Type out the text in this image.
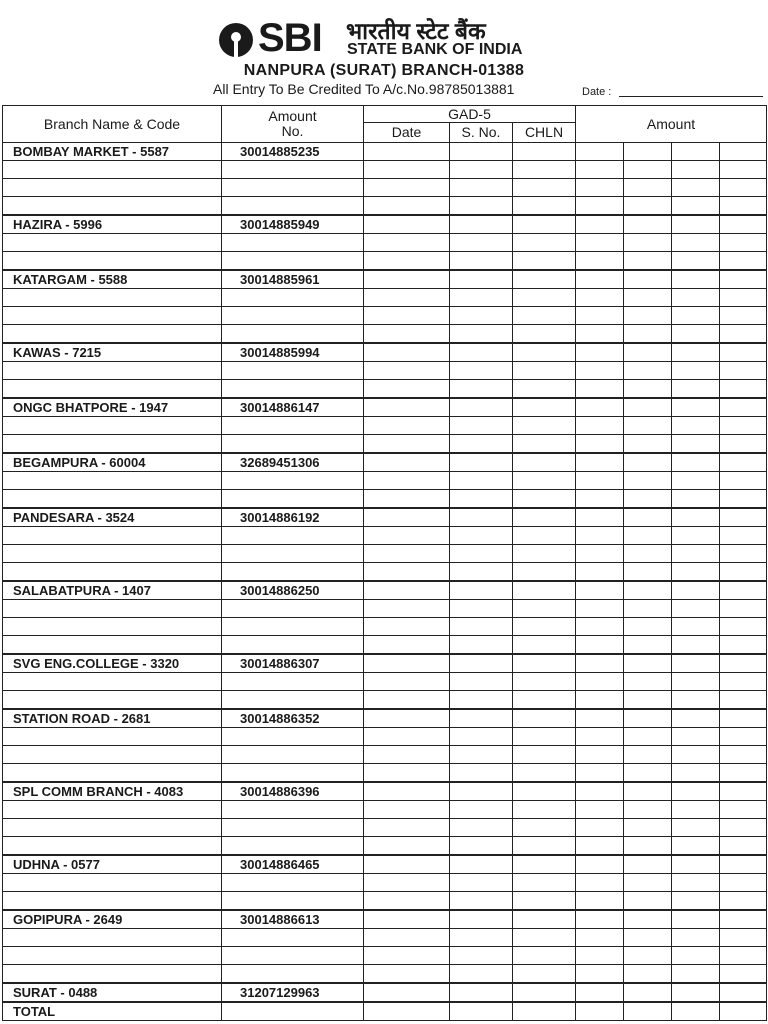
SBI भारतीय स्टेट बैंक
STATE BANK OF INDIA
NANPURA (SURAT) BRANCH-01388
All Entry To Be Credited To A/c.No.98785013881	Date :
Branch Name & Code	Amount No.	GAD-5			Amount			
		Date	S. No.	CHLN				
BOMBAY MARKET - 5587	30014885235							

HAZIRA - 5996	30014885949							

KATARGAM - 5588	30014885961							

KAWAS - 7215	30014885994							

ONGC BHATPORE - 1947	30014886147							

BEGAMPURA - 60004	32689451306							

PANDESARA - 3524	30014886192							

SALABATPURA - 1407	30014886250							

SVG ENG.COLLEGE - 3320	30014886307							

STATION ROAD - 2681	30014886352							

SPL COMM BRANCH - 4083	30014886396							

UDHNA - 0577	30014886465							

GOPIPURA - 2649	30014886613							

SURAT - 0488	31207129963							
TOTAL								
